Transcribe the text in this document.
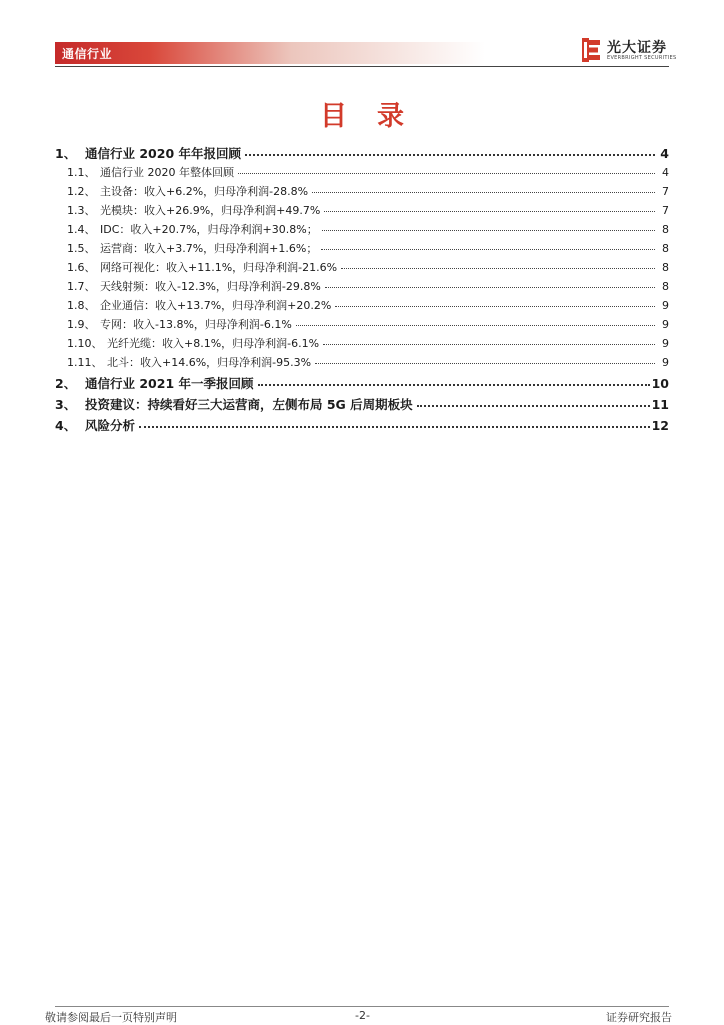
通信行业	光大证券
EVERBRIGHT SECURITIES
目录
1、 通信行业 2020 年年报回顾	4
1.1、 通信行业 2020 年整体回顾	4
1.2、 主设备：收入+6.2%，归母净利润-28.8%	7
1.3、 光模块：收入+26.9%，归母净利润+49.7%	7
1.4、 IDC：收入+20.7%，归母净利润+30.8%；	8
1.5、 运营商：收入+3.7%，归母净利润+1.6%；	8
1.6、 网络可视化：收入+11.1%，归母净利润-21.6%	8
1.7、 天线射频：收入-12.3%，归母净利润-29.8%	8
1.8、 企业通信：收入+13.7%，归母净利润+20.2%	9
1.9、 专网：收入-13.8%，归母净利润-6.1%	9
1.10、 光纤光缆：收入+8.1%，归母净利润-6.1%	9
1.11、 北斗：收入+14.6%，归母净利润-95.3%	9
2、 通信行业 2021 年一季报回顾	10
3、 投资建议：持续看好三大运营商，左侧布局 5G 后周期板块	11
4、 风险分析	12
敬请参阅最后一页特别声明	-2-	证券研究报告
